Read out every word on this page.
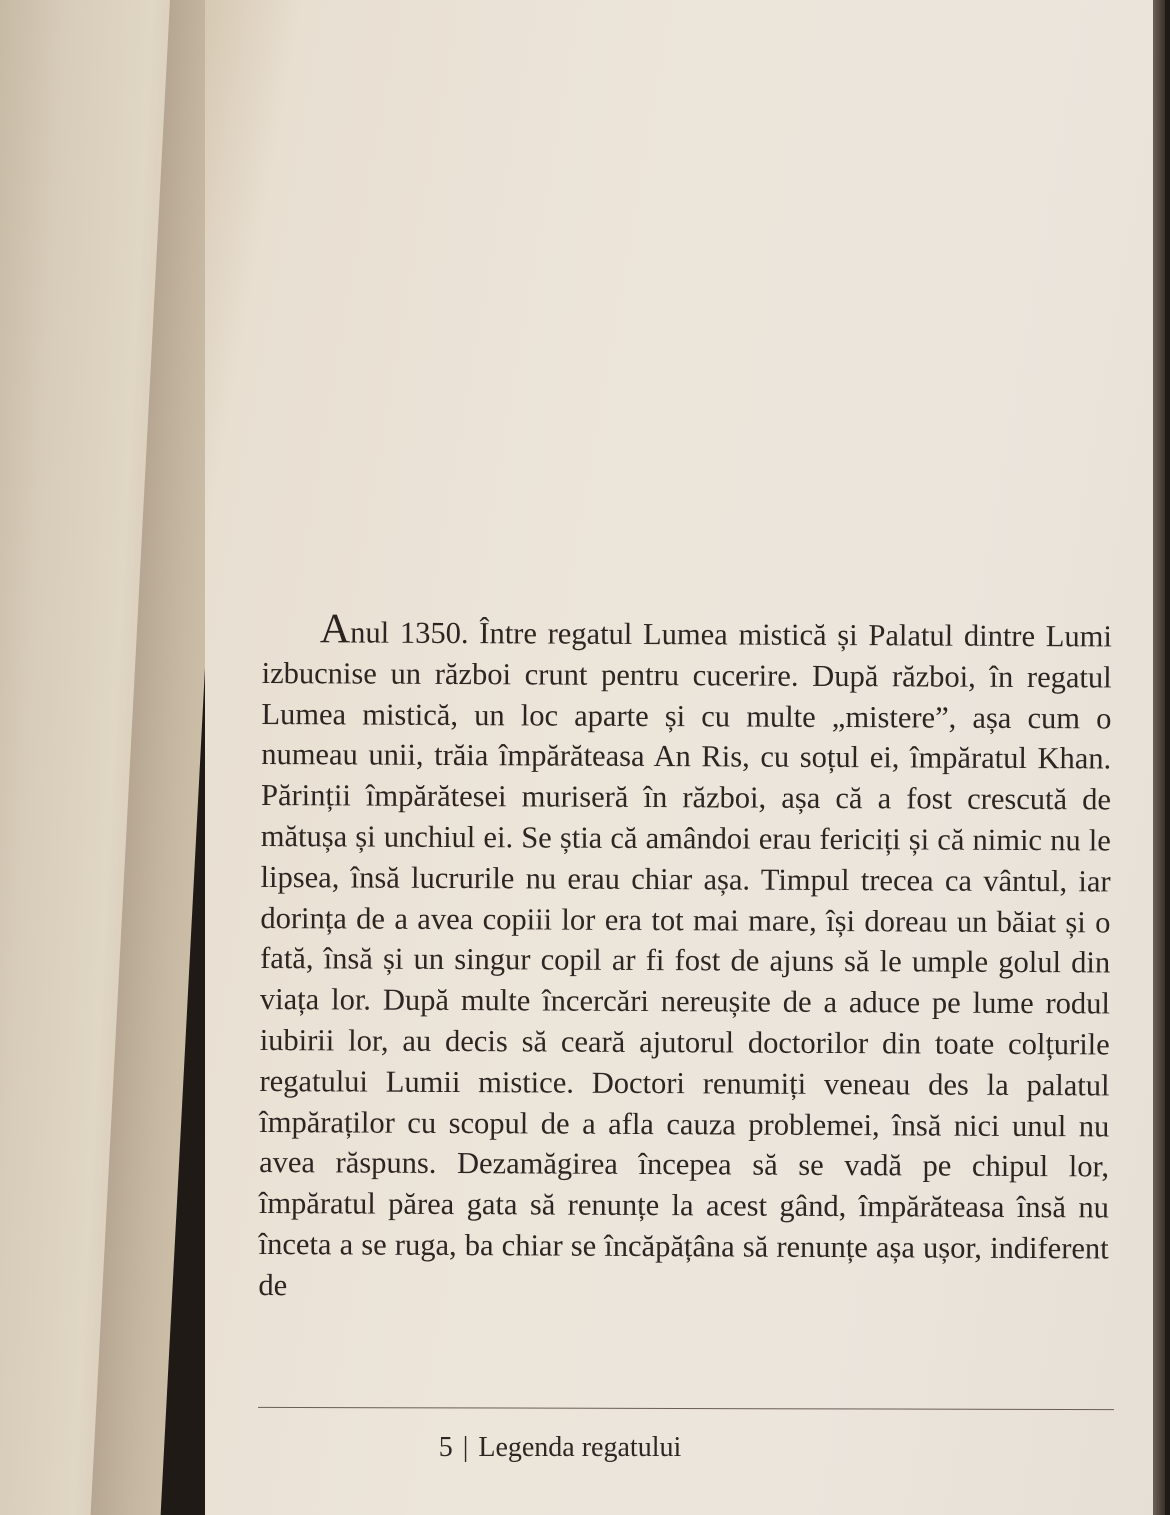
Anul 1350. Între regatul Lumea mistică și Palatul dintre Lumi izbucnise un război crunt pentru cucerire. După război, în regatul Lumea mistică, un loc aparte și cu multe „mistere”, așa cum o numeau unii, trăia împărăteasa An Ris, cu soțul ei, împăratul Khan. Părinții împărătesei muriseră în război, așa că a fost crescută de mătușa și unchiul ei. Se știa că amândoi erau fericiți și că nimic nu le lipsea, însă lucrurile nu erau chiar așa. Timpul trecea ca vântul, iar dorința de a avea copiii lor era tot mai mare, își doreau un băiat și o fată, însă și un singur copil ar fi fost de ajuns să le umple golul din viața lor. După multe încercări nereușite de a aduce pe lume rodul iubirii lor, au decis să ceară ajutorul doctorilor din toate colțurile regatului Lumii mistice. Doctori renumiți veneau des la palatul împăraților cu scopul de a afla cauza problemei, însă nici unul nu avea răspuns. Dezamăgirea începea să se vadă pe chipul lor, împăratul părea gata să renunțe la acest gând, împărăteasa însă nu înceta a se ruga, ba chiar se încăpățâna să renunțe așa ușor, indiferent de

5 | Legenda regatului
